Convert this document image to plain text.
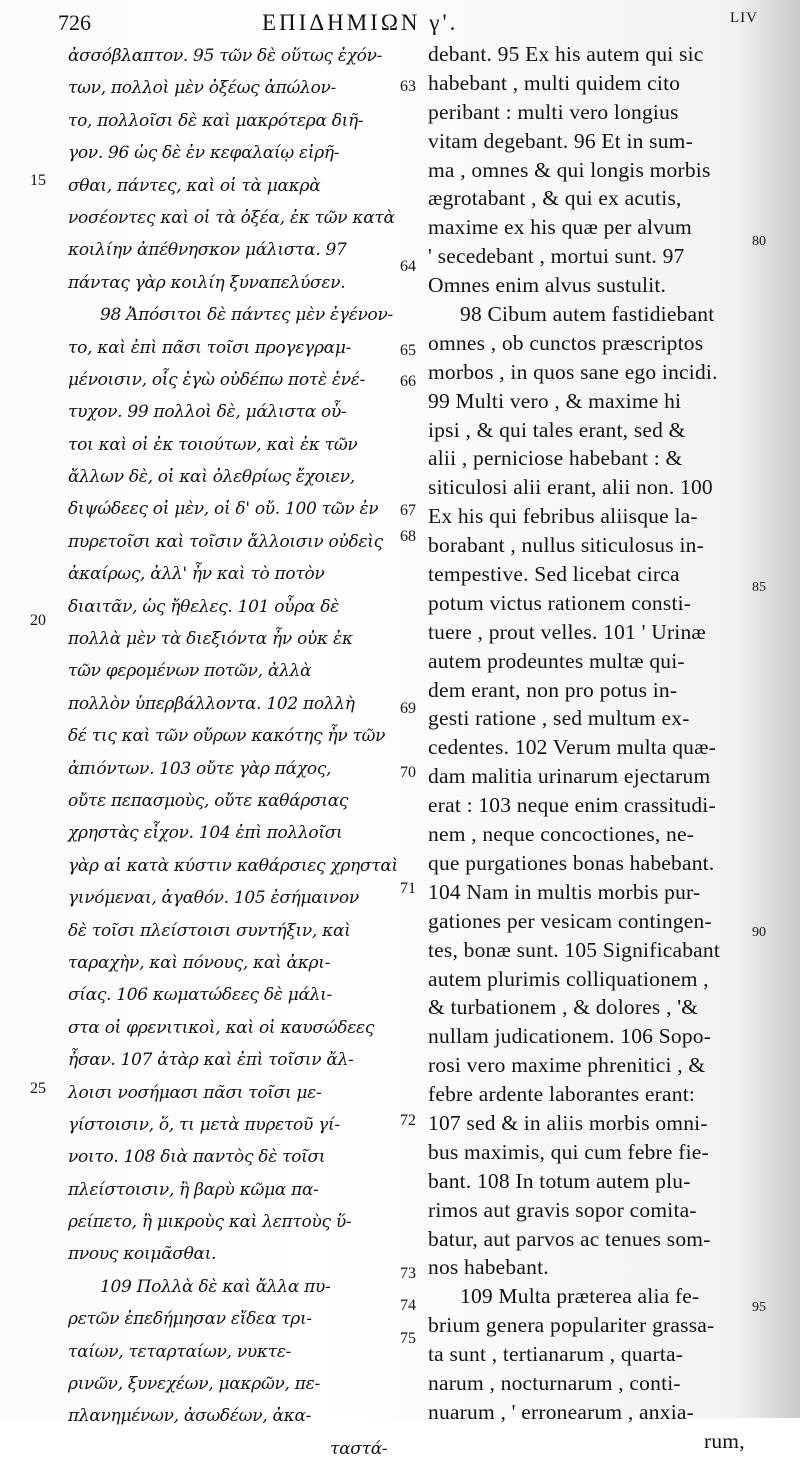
726	ΕΠΙΔΗΜΙΩΝ γ'.	LIV
ἀσσόβλαπτον. 95 τῶν δὲ οὕτως ἐχόν-
των, πολλοὶ μὲν ὀξέως ἀπώλον-
το, πολλοῖσι δὲ καὶ μακρότερα διῆ-
γον. 96 ὡς δὲ ἐν κεφαλαίῳ εἰρῆ-
σθαι, πάντες, καὶ οἱ τὰ μακρὰ
νοσέοντες καὶ οἱ τὰ ὀξέα, ἐκ τῶν κατὰ
κοιλίην ἀπέθνησκον μάλιστα. 97
πάντας γὰρ κοιλίη ξυναπελύσεν.
98 Ἀπόσιτοι δὲ πάντες μὲν ἐγένον-
το, καὶ ἐπὶ πᾶσι τοῖσι προγεγραμ-
μένοισιν, οἷς ἐγὼ οὐδέπω ποτὲ ἐνέ-
τυχον. 99 πολλοὶ δὲ, μάλιστα οὗ-
τοι καὶ οἱ ἐκ τοιούτων, καὶ ἐκ τῶν
ἄλλων δὲ, οἱ καὶ ὀλεθρίως ἔχοιεν,
διψώδεες οἱ μὲν, οἱ δ' οὔ. 100 τῶν ἐν
πυρετοῖσι καὶ τοῖσιν ἄλλοισιν οὐδεὶς
ἀκαίρως, ἀλλ' ἦν καὶ τὸ ποτὸν
διαιτᾶν, ὡς ἤθελες. 101 οὖρα δὲ
πολλὰ μὲν τὰ διεξιόντα ἦν οὐκ ἐκ
τῶν φερομένων ποτῶν, ἀλλὰ
πολλὸν ὑπερβάλλοντα. 102 πολλὴ
δέ τις καὶ τῶν οὔρων κακότης ἦν τῶν
ἀπιόντων. 103 οὔτε γὰρ πάχος,
οὔτε πεπασμοὺς, οὔτε καθάρσιας
χρηστὰς εἶχον. 104 ἐπὶ πολλοῖσι
γὰρ αἱ κατὰ κύστιν καθάρσιες χρησταὶ
γινόμεναι, ἀγαθόν. 105 ἐσήμαινον
δὲ τοῖσι πλείστοισι συντήξιν, καὶ
ταραχὴν, καὶ πόνους, καὶ ἀκρι-
σίας. 106 κωματώδεες δὲ μάλι-
στα οἱ φρενιτικοὶ, καὶ οἱ καυσώδεες
ἦσαν. 107 ἀτὰρ καὶ ἐπὶ τοῖσιν ἄλ-
λοισι νοσήμασι πᾶσι τοῖσι με-
γίστοισιν, ὅ, τι μετὰ πυρετοῦ γί-
νοιτο. 108 διὰ παντὸς δὲ τοῖσι
πλείστοισιν, ἢ βαρὺ κῶμα πα-
ρείπετο, ἢ μικροὺς καὶ λεπτοὺς ὕ-
πνους κοιμᾶσθαι.
109 Πολλὰ δὲ καὶ ἄλλα πυ-
ρετῶν ἐπεδήμησαν εἴδεα τρι-
ταίων, τεταρταίων, νυκτε-
ρινῶν, ξυνεχέων, μακρῶν, πε-
πλανημένων, ἀσωδέων, ἀκα-
ταστά-
debant. 95 Ex his autem qui sic
habebant , multi quidem cito
peribant : multi vero longius
vitam degebant. 96 Et in sum-
ma , omnes & qui longis morbis
ægrotabant , & qui ex acutis,
maxime ex his quæ per alvum
' secedebant , mortui sunt. 97
Omnes enim alvus sustulit.
98 Cibum autem fastidiebant
omnes , ob cunctos præscriptos
morbos , in quos sane ego incidi.
99 Multi vero , & maxime hi
ipsi , & qui tales erant, sed &
alii , perniciose habebant : &
siticulosi alii erant, alii non. 100
Ex his qui febribus aliisque la-
borabant , nullus siticulosus in-
tempestive. Sed licebat circa
potum victus rationem consti-
tuere , prout velles. 101 ' Urinæ
autem prodeuntes multæ qui-
dem erant, non pro potus in-
gesti ratione , sed multum ex-
cedentes. 102 Verum multa quæ-
dam malitia urinarum ejectarum
erat : 103 neque enim crassitudi-
nem , neque concoctiones, ne-
que purgationes bonas habebant.
104 Nam in multis morbis pur-
gationes per vesicam contingen-
tes, bonæ sunt. 105 Significabant
autem plurimis colliquationem ,
& turbationem , & dolores , '&
nullam judicationem. 106 Sopo-
rosi vero maxime phrenitici , &
febre ardente laborantes erant:
107 sed & in aliis morbis omni-
bus maximis, qui cum febre fie-
bant. 108 In totum autem plu-
rimos aut gravis sopor comita-
batur, aut parvos ac tenues som-
nos habebant.
109 Multa præterea alia fe-
brium genera populariter grassa-
ta sunt , tertianarum , quarta-
narum , nocturnarum , conti-
nuarum , ' erronearum , anxia-
rum,
15
20
25
63
64
65
66
67
68
69
70
71
72
73
74
75
80
85
90
95
